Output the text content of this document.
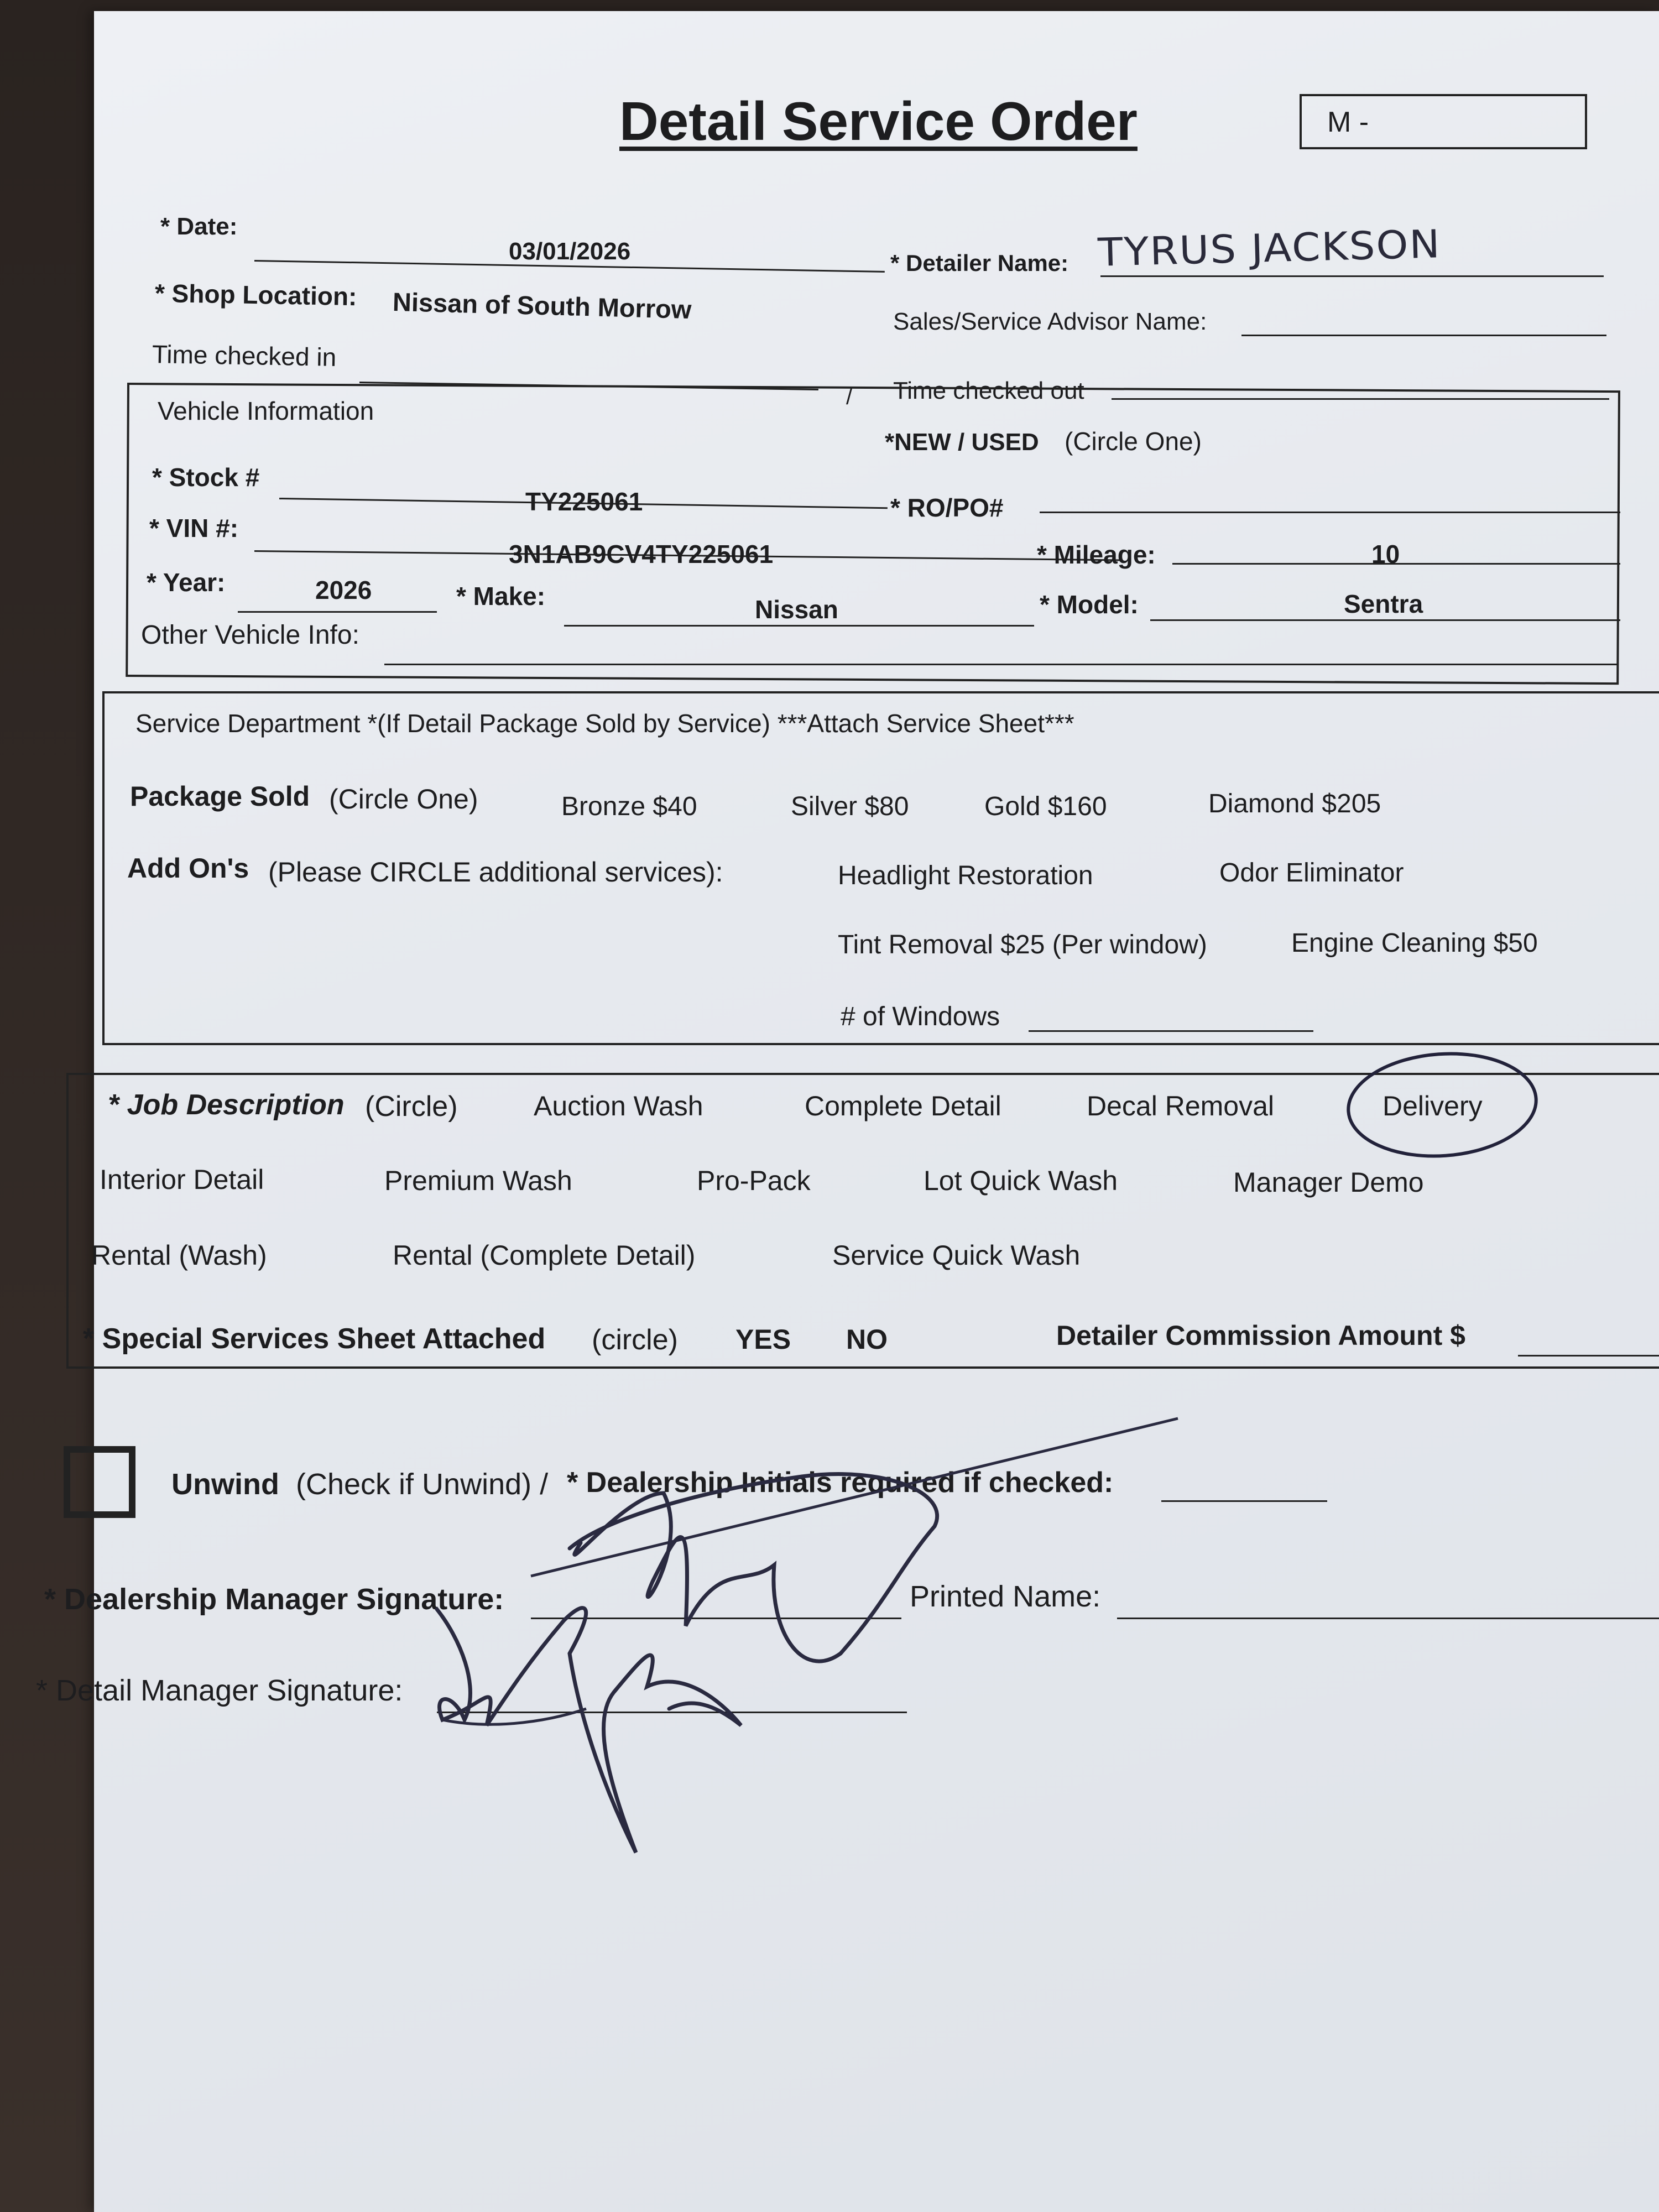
Detail Service Order	M -
* Date:
03/01/2026	* Detailer Name: TYRUS JACKSON
* Shop Location: Nissan of South Morrow	Sales/Service Advisor Name:
Time checked in
/ Time checked out
Vehicle Information
*NEW / USED (Circle One)
* Stock #
TY225061	* RO/PO#
* VIN #:
3N1AB9CV4TY225061	* Mileage:	10
* Year:	2026	* Make:	Nissan	* Model:	Sentra
Other Vehicle Info:
Service Department *(If Detail Package Sold by Service) ***Attach Service Sheet***
Package Sold (Circle One)	Bronze $40	Silver $80	Gold $160	Diamond $205
Add On's (Please CIRCLE additional services):	Headlight Restoration	Odor Eliminator
Tint Removal $25 (Per window)	Engine Cleaning $50
# of Windows
* Job Description (Circle)	Auction Wash	Complete Detail	Decal Removal	Delivery
Interior Detail	Premium Wash	Pro-Pack	Lot Quick Wash	Manager Demo
Rental (Wash)	Rental (Complete Detail)	Service Quick Wash
* Special Services Sheet Attached (circle) YES NO	Detailer Commission Amount $
Unwind (Check if Unwind) / * Dealership Initials required if checked:
* Dealership Manager Signature:	Printed Name:
* Detail Manager Signature:
